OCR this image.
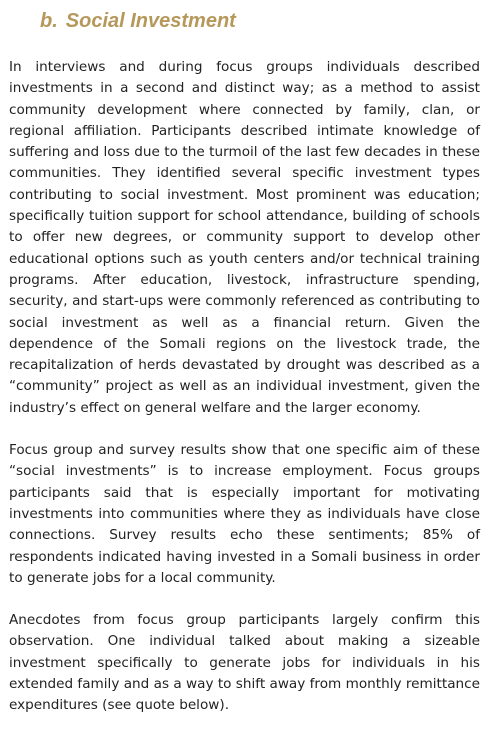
b. Social Investment

In interviews and during focus groups individuals described investments in a second and distinct way; as a method to assist community development where connected by family, clan, or regional affiliation. Participants described intimate knowledge of suffering and loss due to the turmoil of the last few decades in these communities. They identified several specific investment types contributing to social investment. Most prominent was education; specifically tuition support for school attendance, building of schools to offer new degrees, or community support to develop other educational options such as youth centers and/or technical training programs. After education, livestock, infrastructure spending, security, and start-ups were commonly referenced as contributing to social investment as well as a financial return. Given the dependence of the Somali regions on the livestock trade, the recapitalization of herds devastated by drought was described as a “community” project as well as an individual investment, given the industry’s effect on general welfare and the larger economy.

Focus group and survey results show that one specific aim of these “social investments” is to increase employment. Focus groups participants said that is especially important for motivating investments into communities where they as individuals have close connections. Survey results echo these sentiments; 85% of respondents indicated having invested in a Somali business in order to generate jobs for a local community.

Anecdotes from focus group participants largely confirm this observation. One individual talked about making a sizeable investment specifically to generate jobs for individuals in his extended family and as a way to shift away from monthly remittance expenditures (see quote below).
